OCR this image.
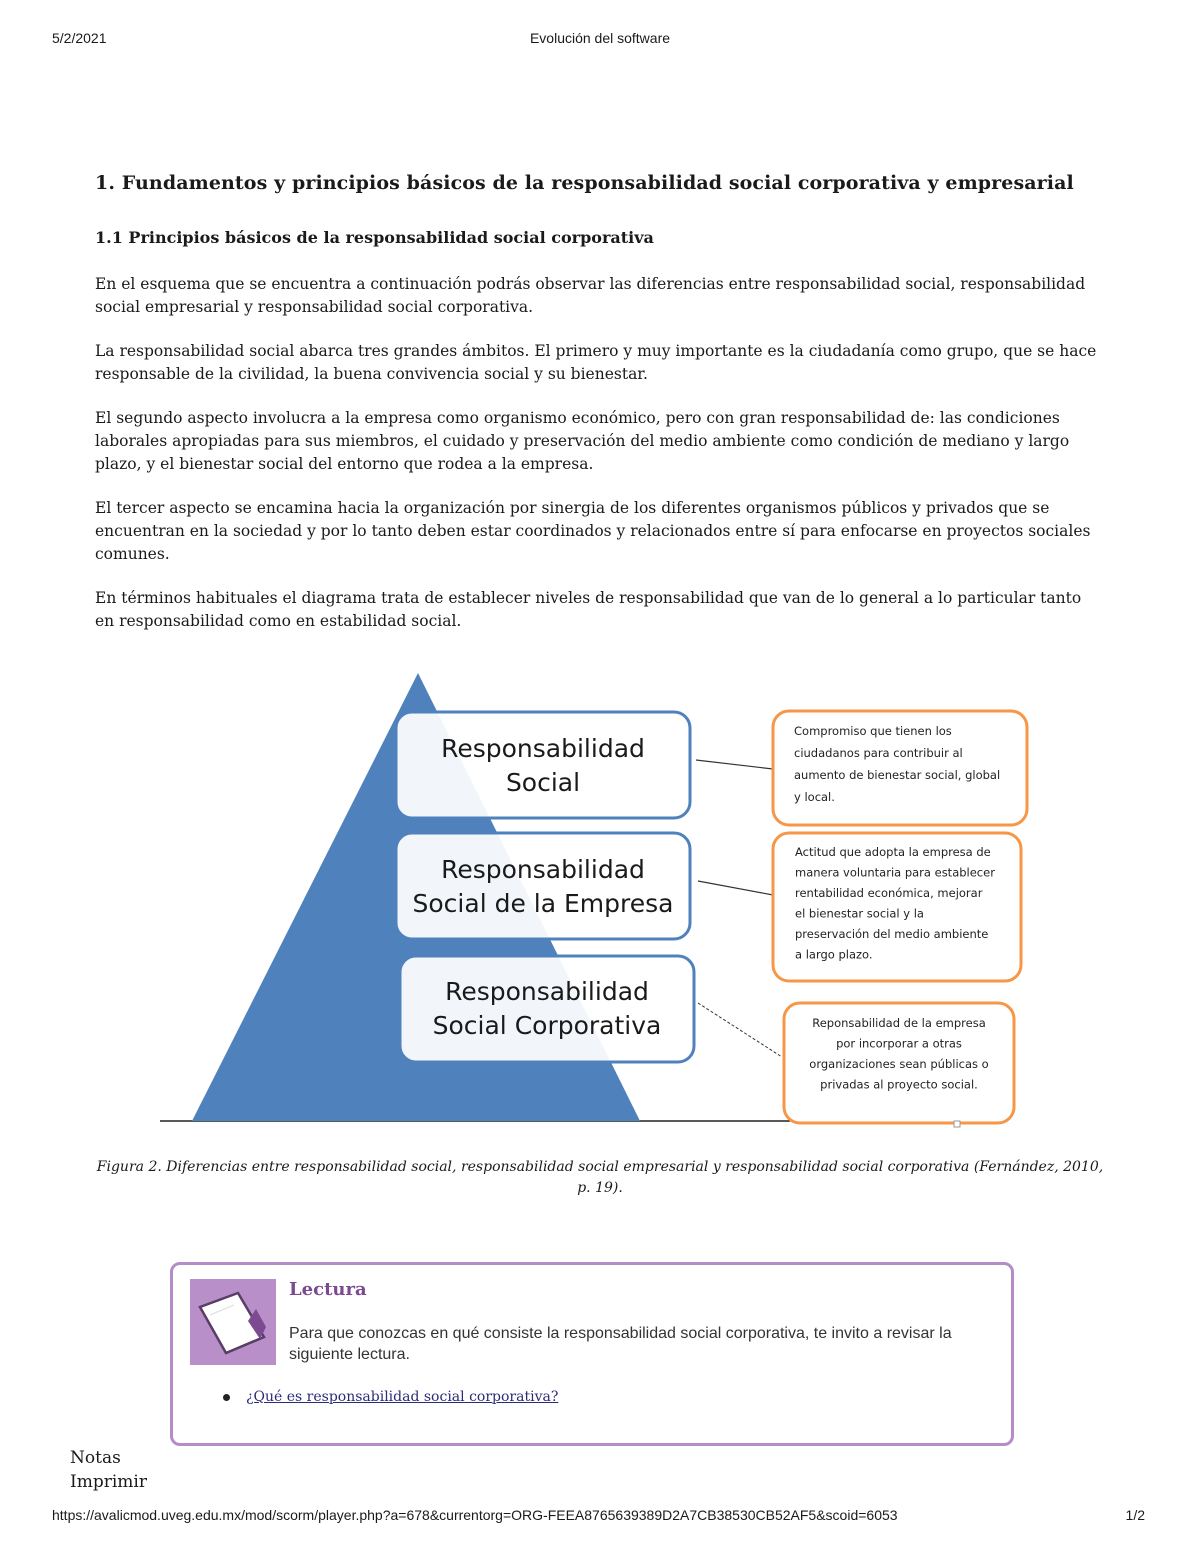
5/2/2021	Evolución del software
1. Fundamentos y principios básicos de la responsabilidad social corporativa y empresarial
1.1 Principios básicos de la responsabilidad social corporativa

En el esquema que se encuentra a continuación podrás observar las diferencias entre responsabilidad social, responsabilidad social empresarial y responsabilidad social corporativa.

La responsabilidad social abarca tres grandes ámbitos. El primero y muy importante es la ciudadanía como grupo, que se hace responsable de la civilidad, la buena convivencia social y su bienestar.

El segundo aspecto involucra a la empresa como organismo económico, pero con gran responsabilidad de: las condiciones laborales apropiadas para sus miembros, el cuidado y preservación del medio ambiente como condición de mediano y largo plazo, y el bienestar social del entorno que rodea a la empresa.

El tercer aspecto se encamina hacia la organización por sinergia de los diferentes organismos públicos y privados que se encuentran en la sociedad y por lo tanto deben estar coordinados y relacionados entre sí para enfocarse en proyectos sociales comunes.

En términos habituales el diagrama trata de establecer niveles de responsabilidad que van de lo general a lo particular tanto en responsabilidad como en estabilidad social.

Responsabilidad
Social
Responsabilidad
Social de la Empresa
Responsabilidad
Social Corporativa
Compromiso que tienen los
ciudadanos para contribuir al
aumento de bienestar social, global
y local.
Actitud que adopta la empresa de
manera voluntaria para establecer
rentabilidad económica, mejorar
el bienestar social y la
preservación del medio ambiente
a largo plazo.
Reponsabilidad de la empresa
por incorporar a otras
organizaciones sean públicas o
privadas al proyecto social.
Figura 2. Diferencias entre responsabilidad social, responsabilidad social empresarial y responsabilidad social corporativa (Fernández, 2010, p. 19).
Lectura
Para que conozcas en qué consiste la responsabilidad social corporativa, te invito a revisar la siguiente lectura.
¿Qué es responsabilidad social corporativa?
Notas
Imprimir
https://avalicmod.uveg.edu.mx/mod/scorm/player.php?a=678&currentorg=ORG-FEEA8765639389D2A7CB38530CB52AF5&scoid=6053	1/2
